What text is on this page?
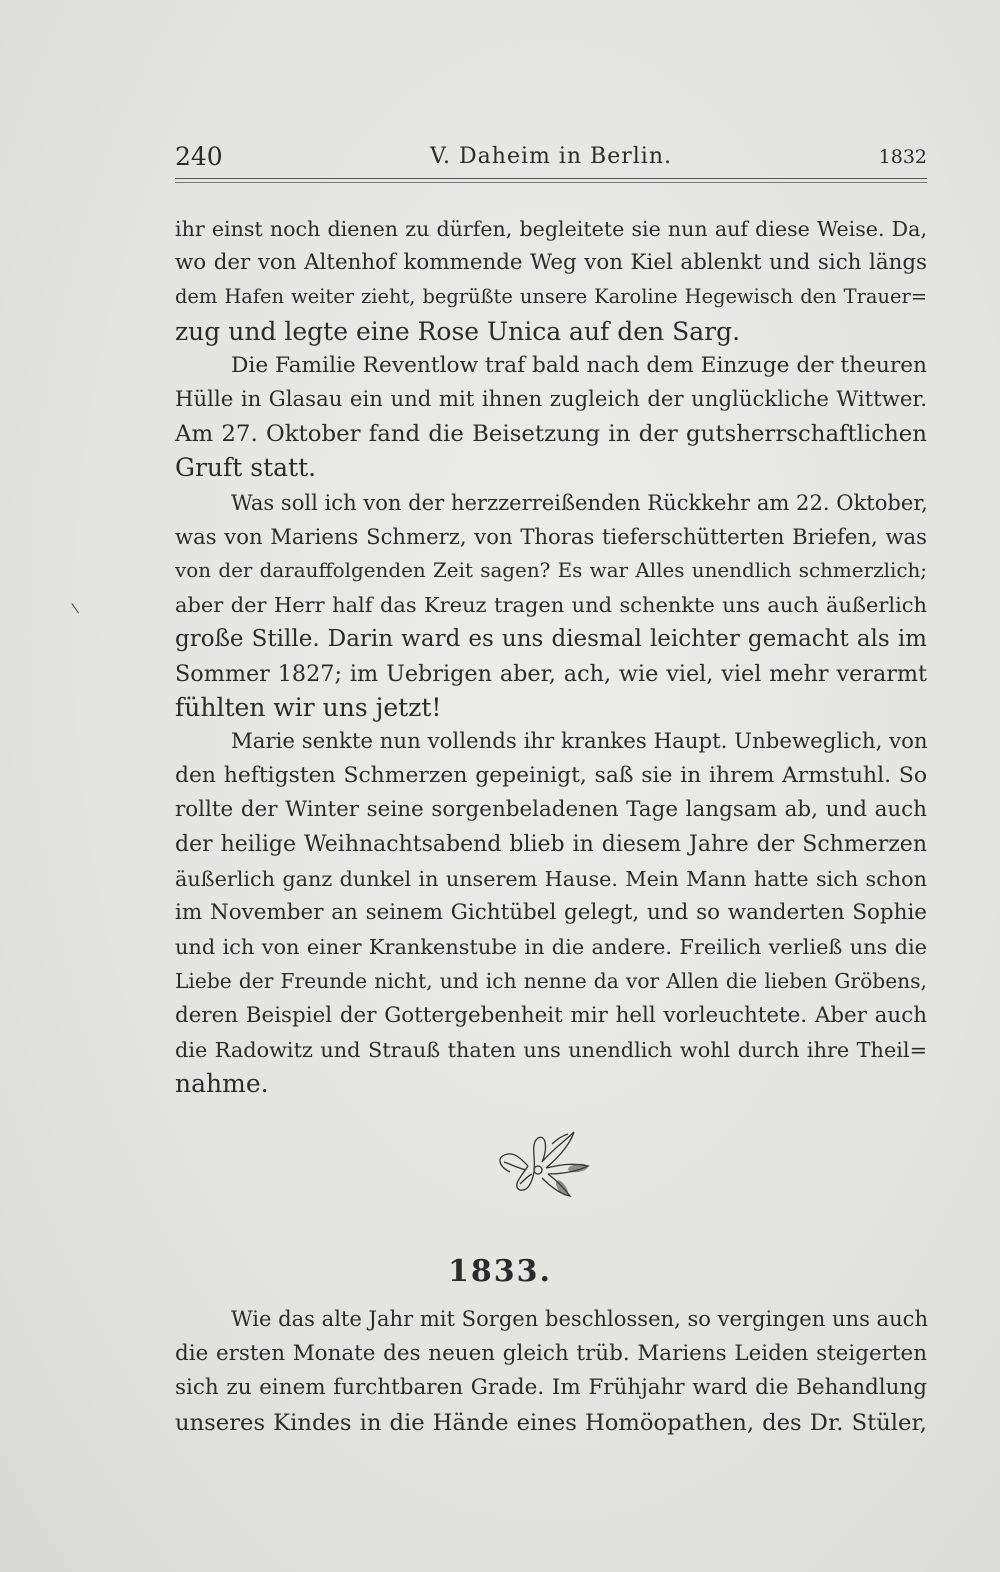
240	V. Daheim in Berlin.	1832

ihr einst noch dienen zu dürfen, begleitete sie nun auf diese Weise. Da,
wo der von Altenhof kommende Weg von Kiel ablenkt und sich längs
dem Hafen weiter zieht, begrüßte unsere Karoline Hegewisch den Trauer=
zug und legte eine Rose Unica auf den Sarg.

Die Familie Reventlow traf bald nach dem Einzuge der theuren
Hülle in Glasau ein und mit ihnen zugleich der unglückliche Wittwer.
Am 27. Oktober fand die Beisetzung in der gutsherrschaftlichen
Gruft statt.

Was soll ich von der herzzerreißenden Rückkehr am 22. Oktober,
was von Mariens Schmerz, von Thoras tieferschütterten Briefen, was
von der darauffolgenden Zeit sagen? Es war Alles unendlich schmerzlich;
aber der Herr half das Kreuz tragen und schenkte uns auch äußerlich
große Stille. Darin ward es uns diesmal leichter gemacht als im
Sommer 1827; im Uebrigen aber, ach, wie viel, viel mehr verarmt
fühlten wir uns jetzt!

Marie senkte nun vollends ihr krankes Haupt. Unbeweglich, von
den heftigsten Schmerzen gepeinigt, saß sie in ihrem Armstuhl. So
rollte der Winter seine sorgenbeladenen Tage langsam ab, und auch
der heilige Weihnachtsabend blieb in diesem Jahre der Schmerzen
äußerlich ganz dunkel in unserem Hause. Mein Mann hatte sich schon
im November an seinem Gichtübel gelegt, und so wanderten Sophie
und ich von einer Krankenstube in die andere. Freilich verließ uns die
Liebe der Freunde nicht, und ich nenne da vor Allen die lieben Gröbens,
deren Beispiel der Gottergebenheit mir hell vorleuchtete. Aber auch
die Radowitz und Strauß thaten uns unendlich wohl durch ihre Theil=
nahme.

1833.

Wie das alte Jahr mit Sorgen beschlossen, so vergingen uns auch
die ersten Monate des neuen gleich trüb. Mariens Leiden steigerten
sich zu einem furchtbaren Grade. Im Frühjahr ward die Behandlung
unseres Kindes in die Hände eines Homöopathen, des Dr. Stüler,
